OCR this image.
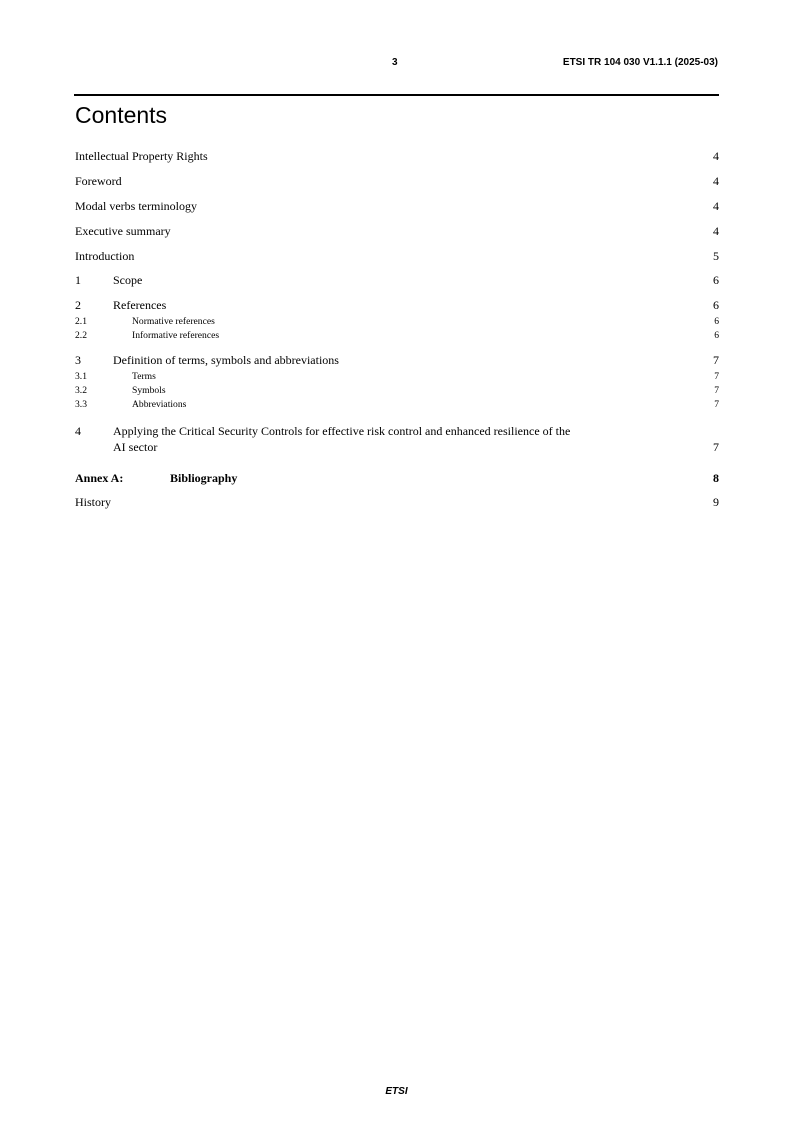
3	ETSI TR 104 030 V1.1.1 (2025-03)
Contents
Intellectual Property Rights	4
Foreword	4
Modal verbs terminology	4
Executive summary	4
Introduction	5
1	Scope	6
2	References	6
2.1	Normative references	6
2.2	Informative references	6
3	Definition of terms, symbols and abbreviations	7
3.1	Terms	7
3.2	Symbols	7
3.3	Abbreviations	7
4	Applying the Critical Security Controls for effective risk control and enhanced resilience of the
AI sector	7
Annex A:	Bibliography	8
History	9
ETSI
